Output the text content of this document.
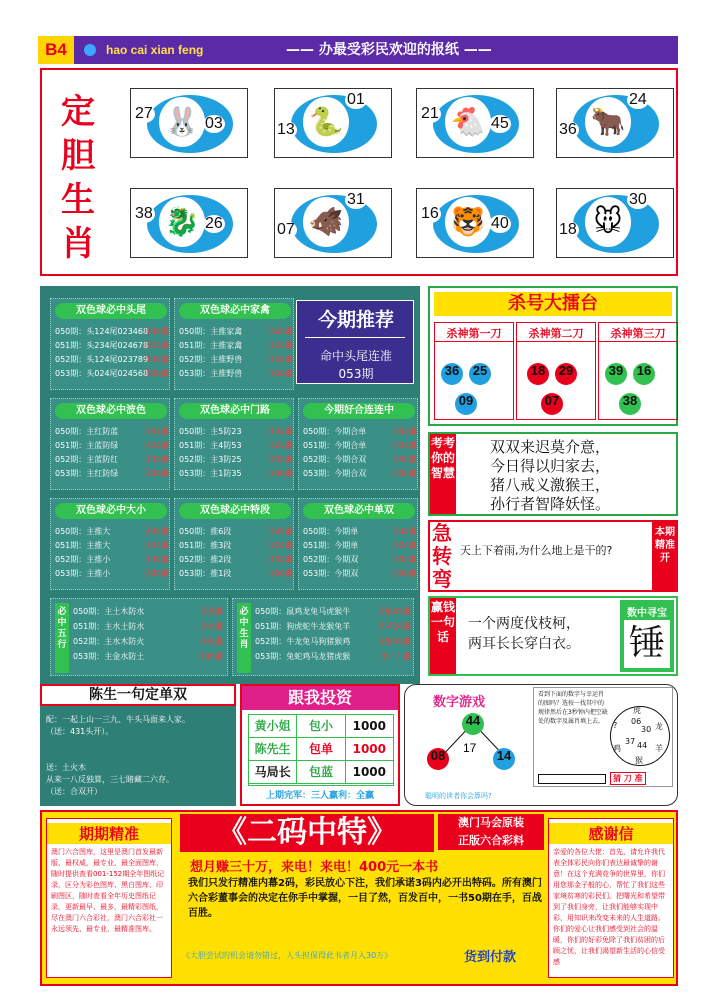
B4	hao cai xian feng	—— 办最受彩民欢迎的报纸 ——
定
胆
生
肖
🐰
27
03	🐍
01
13	🐔
21
45	🐂
24
36
🐉
38
26	🐗
31
07	🐯
16
40	🐭
30
18
今期推荐
命中头尾连准053期
双色球必中头尾
050期：头124尾023468
开42准
051期：头234尾024678
开24准
052期：头124尾023789
开32准
053期：头024尾024568
开00准
双色球必中家禽
050期：主推家禽	开42准
051期：主推家禽	开24准
052期：主推野兽	开32准
053期：主推野兽	开00准
双色球必中波色
050期：主红防蓝	开42准
051期：主蓝防绿	开24准
052期：主蓝防红	开32准
053期：主红防绿	开00准
双色球必中门路
050期：主5防23	开42准
051期：主4防53	开24准
052期：主3防25	开32准
053期：主1防35	开00准
今期好合连连中
050期：今期合单	开42准
051期：今期合单	开24准
052期：今期合双	开32准
053期：今期合双	开00准
双色球必中大小
050期：主推大	开42准
051期：主推大	开24准
052期：主推小	开32准
053期：主推小	开00准
双色球必中特段
050期：推6段	开42准
051期：推3段	开24准
052期：推2段	开32准
053期：推1段	开00准
双色球必中单双
050期：今期单	开42准
051期：今期单	开24准
052期：今期双	开32准
053期：今期双	开00准
必中五行
050期：主土木防水	开金准
051期：主水土防水	开木准
052期：主水木防火	开火准
053期：主金水防土	开00准
必中生肖
050期：鼠鸡龙兔马虎猴牛	开鼠42准
051期：狗虎蛇牛龙猴兔羊	开马24准
052期：牛龙兔马狗猪猴鸡	开狗32准
053期：兔蛇鸡马龙猪虎猴	开？？准
杀号大擂台
杀神第一刀
36 25
09
杀神第二刀
18 29
07
杀神第三刀
39 16
38
考考你的智慧
双双来迟莫介意，
今日得以归家去，
猪八戒义激猴王，
孙行者智降妖怪。
急转弯
天上下着雨,为什么地上是干的?
本期精准开
赢钱一句话
一个两度伐枝柯，
两耳长长穿白衣。
数中寻宝
锤
陈生一句定单双
配：一起上山一三九、牛头马面来人家。
（送：431头开）。
送：土火木
从来一八反独算，三七睹藏二六存。
（送：合双开）
跟我投资
黄小姐	包小	1000
陈先生	包单	1000
马局长	包蓝	1000
上期完军：三人赢利：全赢
数字游戏
44
08	17 14
聪明的读者你会算吗?
看到下面的数字与幸运肖的图吗？选按一找其中的规律然后在3秒钟内把空缺处的数字及属肖填上去。
虎
龙
羊
猴
鸡
? 06
30
37 44
猜 刀 准
期期精准
澳门六合图库，这里是澳门首发最新版，最权威，最专业，最全面图库，随时提供查看001-152期全年图纸记录，区分为彩色图库、黑白图库、印刷图区，随时查看全年历史图纸记录，更新最早、最多，最精彩图纸，尽在澳门六合彩社，澳门六合彩社一永远领先、最专业，最精准图库。
《二码中特》	澳门马会原装
正版六合彩料
想月赚三十万，来电！来电！400元一本书
我们只发行精准内幕2码，彩民放心下注，我们承诺3码内必开出特码。所有澳门六合彩董事会的决定在你手中掌握，一目了然，百发百中，一书50期在手，百战百胜。
《大胆尝试的机会请勿错过，人头担保得此书者月入30万》	货到付款
感谢信
亲爱的各位大佬：首先，请允许我代表全体彩民向你们表达最诚挚的谢意！在这个充满竞争的世界里，你们用您那金子般的心，帮忙了我们这些家境贫寒的彩民们。把曙光和希望带到了我们身旁，让我们能够实现中彩，用知识来改变未来的人生道路。你们的爱心让我们感受到社会的温暖，你们的好彩免除了我们贫困的后顾之忧，让我们渴望新生活的心信受感
